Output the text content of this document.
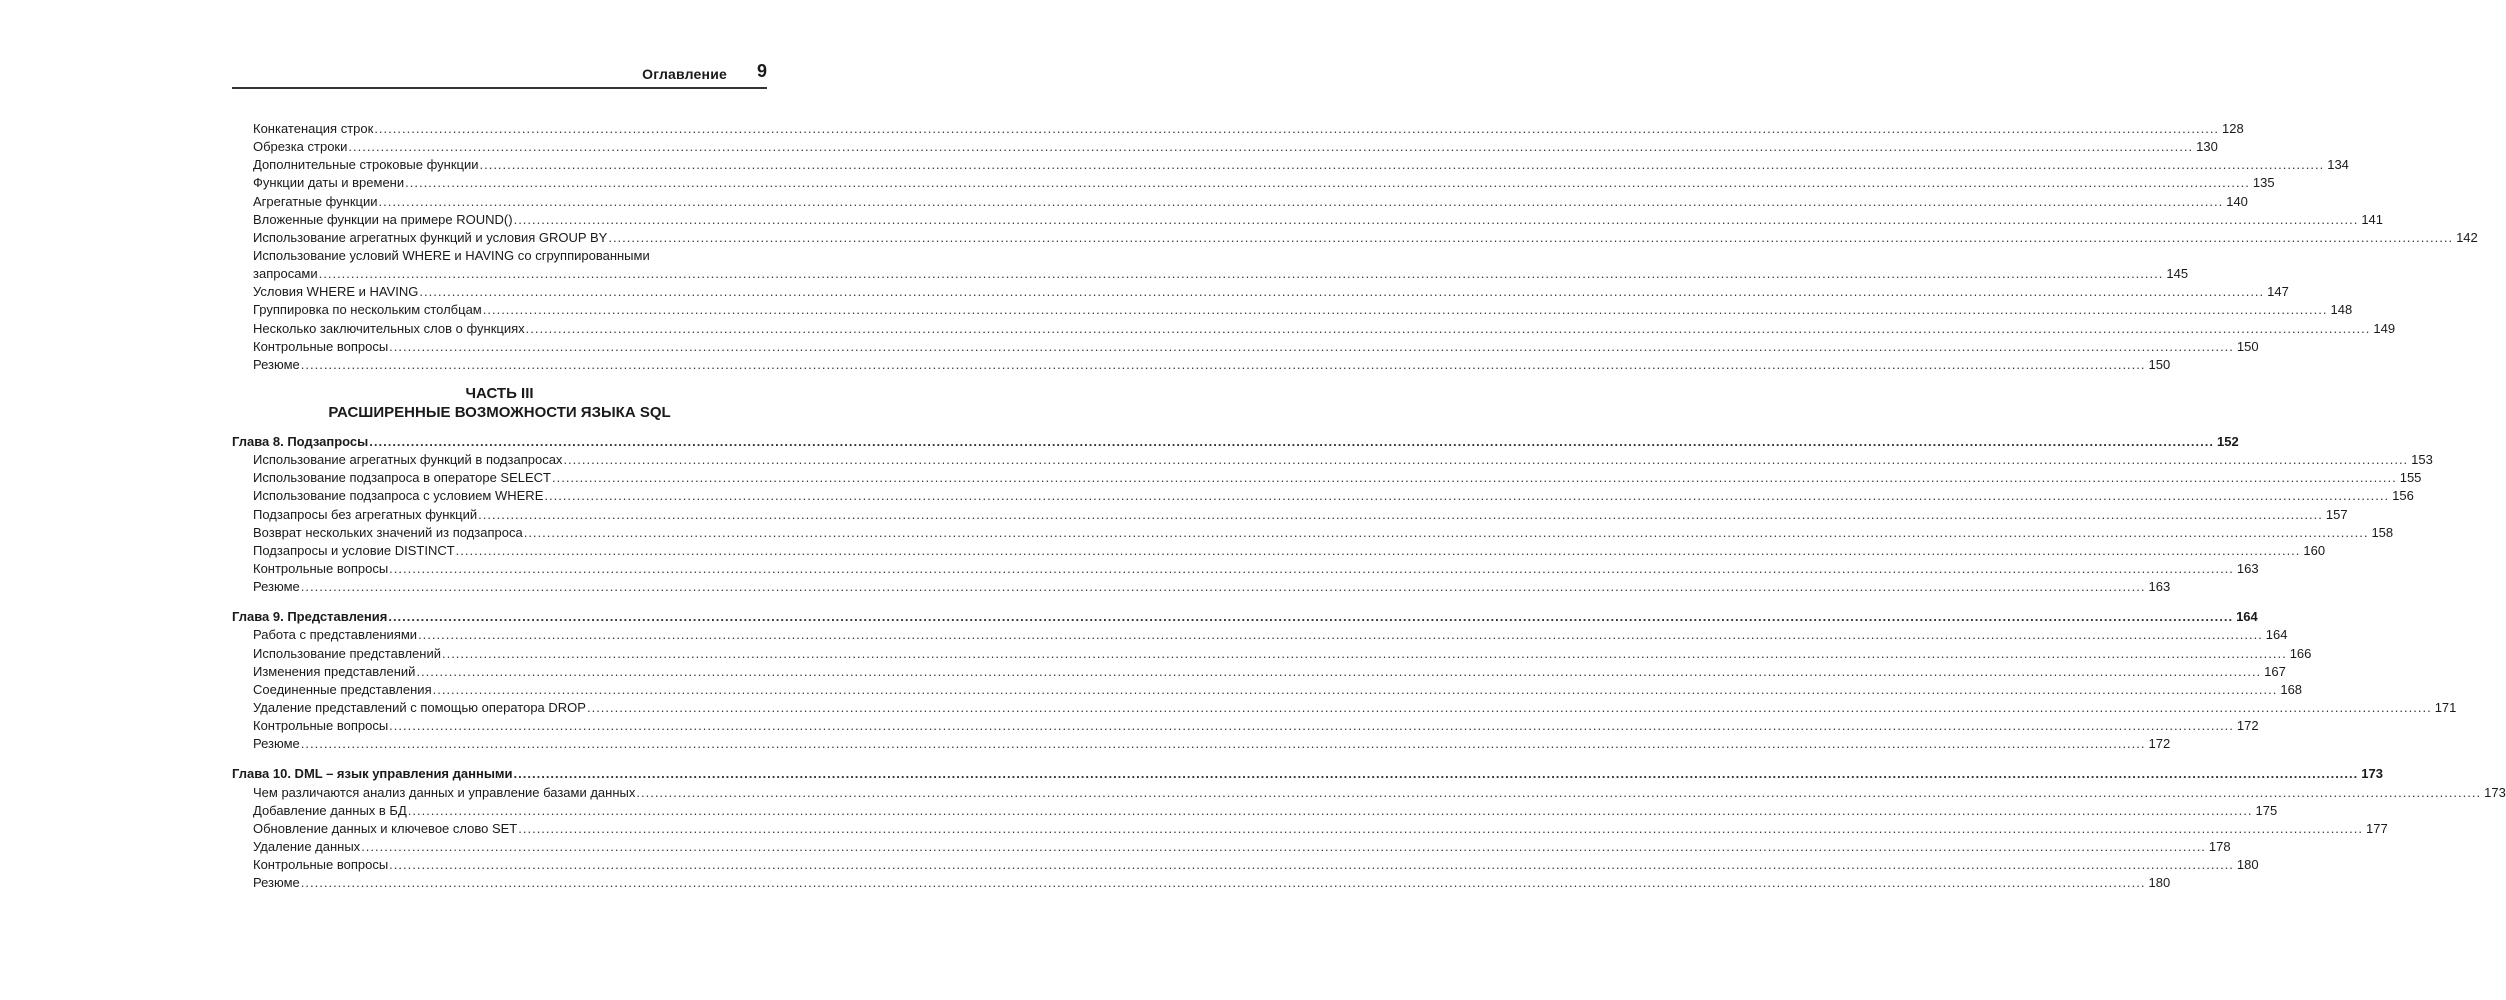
Оглавление 9
Конкатенация строк ................................................................................................................................................................................................................................................................................................................................................................................................................ 128
Обрезка строки ................................................................................................................................................................................................................................................................................................................................................................................................................ 130
Дополнительные строковые функции ................................................................................................................................................................................................................................................................................................................................................................................................................ 134
Функции даты и времени ................................................................................................................................................................................................................................................................................................................................................................................................................ 135
Агрегатные функции ................................................................................................................................................................................................................................................................................................................................................................................................................ 140
Вложенные функции на примере ROUND() ................................................................................................................................................................................................................................................................................................................................................................................................................ 141
Использование агрегатных функций и условия GROUP BY ................................................................................................................................................................................................................................................................................................................................................................................................................ 142
Использование условий WHERE и HAVING со сгруппированными
запросами ................................................................................................................................................................................................................................................................................................................................................................................................................ 145
Условия WHERE и HAVING ................................................................................................................................................................................................................................................................................................................................................................................................................ 147
Группировка по нескольким столбцам ................................................................................................................................................................................................................................................................................................................................................................................................................ 148
Несколько заключительных слов о функциях ................................................................................................................................................................................................................................................................................................................................................................................................................ 149
Контрольные вопросы ................................................................................................................................................................................................................................................................................................................................................................................................................ 150
Резюме ................................................................................................................................................................................................................................................................................................................................................................................................................ 150
ЧАСТЬ III
РАСШИРЕННЫЕ ВОЗМОЖНОСТИ ЯЗЫКА SQL
Глава 8. Подзапросы ................................................................................................................................................................................................................................................................................................................................................................................................................ 152
Использование агрегатных функций в подзапросах ................................................................................................................................................................................................................................................................................................................................................................................................................ 153
Использование подзапроса в операторе SELECT ................................................................................................................................................................................................................................................................................................................................................................................................................ 155
Использование подзапроса с условием WHERE ................................................................................................................................................................................................................................................................................................................................................................................................................ 156
Подзапросы без агрегатных функций ................................................................................................................................................................................................................................................................................................................................................................................................................ 157
Возврат нескольких значений из подзапроса ................................................................................................................................................................................................................................................................................................................................................................................................................ 158
Подзапросы и условие DISTINCT ................................................................................................................................................................................................................................................................................................................................................................................................................ 160
Контрольные вопросы ................................................................................................................................................................................................................................................................................................................................................................................................................ 163
Резюме ................................................................................................................................................................................................................................................................................................................................................................................................................ 163
Глава 9. Представления ................................................................................................................................................................................................................................................................................................................................................................................................................ 164
Работа с представлениями ................................................................................................................................................................................................................................................................................................................................................................................................................ 164
Использование представлений ................................................................................................................................................................................................................................................................................................................................................................................................................ 166
Изменения представлений ................................................................................................................................................................................................................................................................................................................................................................................................................ 167
Соединенные представления ................................................................................................................................................................................................................................................................................................................................................................................................................ 168
Удаление представлений с помощью оператора DROP ................................................................................................................................................................................................................................................................................................................................................................................................................ 171
Контрольные вопросы ................................................................................................................................................................................................................................................................................................................................................................................................................ 172
Резюме ................................................................................................................................................................................................................................................................................................................................................................................................................ 172
Глава 10. DML – язык управления данными ................................................................................................................................................................................................................................................................................................................................................................................................................ 173
Чем различаются анализ данных и управление базами данных ................................................................................................................................................................................................................................................................................................................................................................................................................ 173
Добавление данных в БД ................................................................................................................................................................................................................................................................................................................................................................................................................ 175
Обновление данных и ключевое слово SET ................................................................................................................................................................................................................................................................................................................................................................................................................ 177
Удаление данных ................................................................................................................................................................................................................................................................................................................................................................................................................ 178
Контрольные вопросы ................................................................................................................................................................................................................................................................................................................................................................................................................ 180
Резюме ................................................................................................................................................................................................................................................................................................................................................................................................................ 180
